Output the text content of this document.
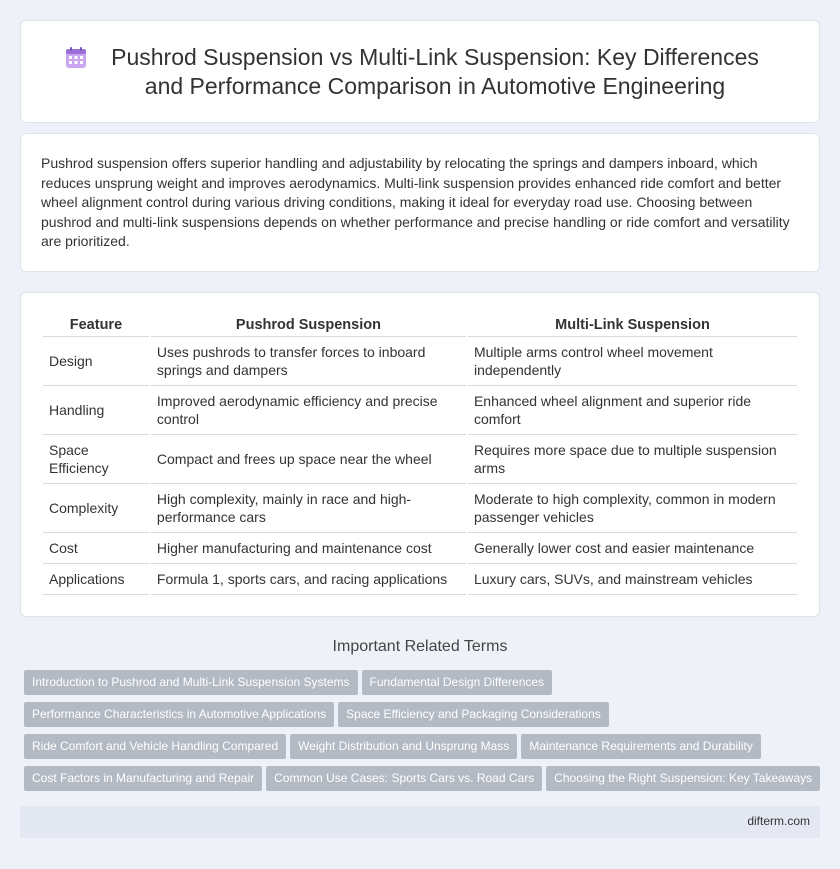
Pushrod Suspension vs Multi-Link Suspension: Key Differences and Performance Comparison in Automotive Engineering

Pushrod suspension offers superior handling and adjustability by relocating the springs and dampers inboard, which reduces unsprung weight and improves aerodynamics. Multi-link suspension provides enhanced ride comfort and better wheel alignment control during various driving conditions, making it ideal for everyday road use. Choosing between pushrod and multi-link suspensions depends on whether performance and precise handling or ride comfort and versatility are prioritized.

Feature	Pushrod Suspension	Multi-Link Suspension
Design	Uses pushrods to transfer forces to inboard springs and dampers	Multiple arms control wheel movement independently
Handling	Improved aerodynamic efficiency and precise control	Enhanced wheel alignment and superior ride comfort
Space Efficiency	Compact and frees up space near the wheel	Requires more space due to multiple suspension arms
Complexity	High complexity, mainly in race and high-performance cars	Moderate to high complexity, common in modern passenger vehicles
Cost	Higher manufacturing and maintenance cost	Generally lower cost and easier maintenance
Applications	Formula 1, sports cars, and racing applications	Luxury cars, SUVs, and mainstream vehicles
Important Related Terms
Introduction to Pushrod and Multi-Link Suspension Systems Fundamental Design Differences
Performance Characteristics in Automotive Applications Space Efficiency and Packaging Considerations
Ride Comfort and Vehicle Handling Compared Weight Distribution and Unsprung Mass Maintenance Requirements and Durability
Cost Factors in Manufacturing and Repair Common Use Cases: Sports Cars vs. Road Cars Choosing the Right Suspension: Key Takeaways
difterm.com
